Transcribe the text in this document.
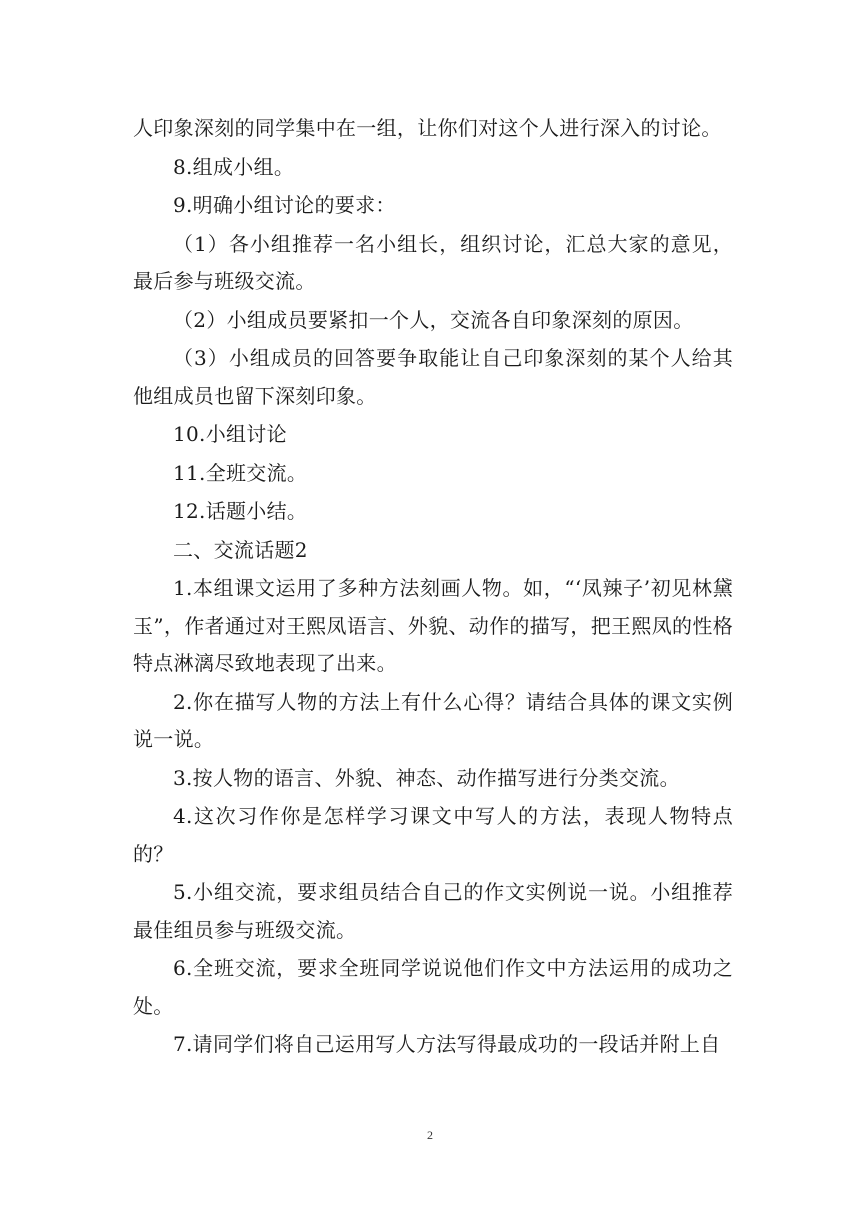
人印象深刻的同学集中在一组，让你们对这个人进行深入的讨论。

8.组成小组。

9.明确小组讨论的要求：

（1）各小组推荐一名小组长，组织讨论，汇总大家的意见，最后参与班级交流。

（2）小组成员要紧扣一个人，交流各自印象深刻的原因。

（3）小组成员的回答要争取能让自己印象深刻的某个人给其他组成员也留下深刻印象。

10.小组讨论

11.全班交流。

12.话题小结。

二、交流话题2

1.本组课文运用了多种方法刻画人物。如，“‘凤辣子’初见林黛玉”，作者通过对王熙凤语言、外貌、动作的描写，把王熙凤的性格特点淋漓尽致地表现了出来。

2.你在描写人物的方法上有什么心得？请结合具体的课文实例说一说。

3.按人物的语言、外貌、神态、动作描写进行分类交流。

4.这次习作你是怎样学习课文中写人的方法，表现人物特点的？

5.小组交流，要求组员结合自己的作文实例说一说。小组推荐最佳组员参与班级交流。

6.全班交流，要求全班同学说说他们作文中方法运用的成功之处。

7.请同学们将自己运用写人方法写得最成功的一段话并附上自

2
